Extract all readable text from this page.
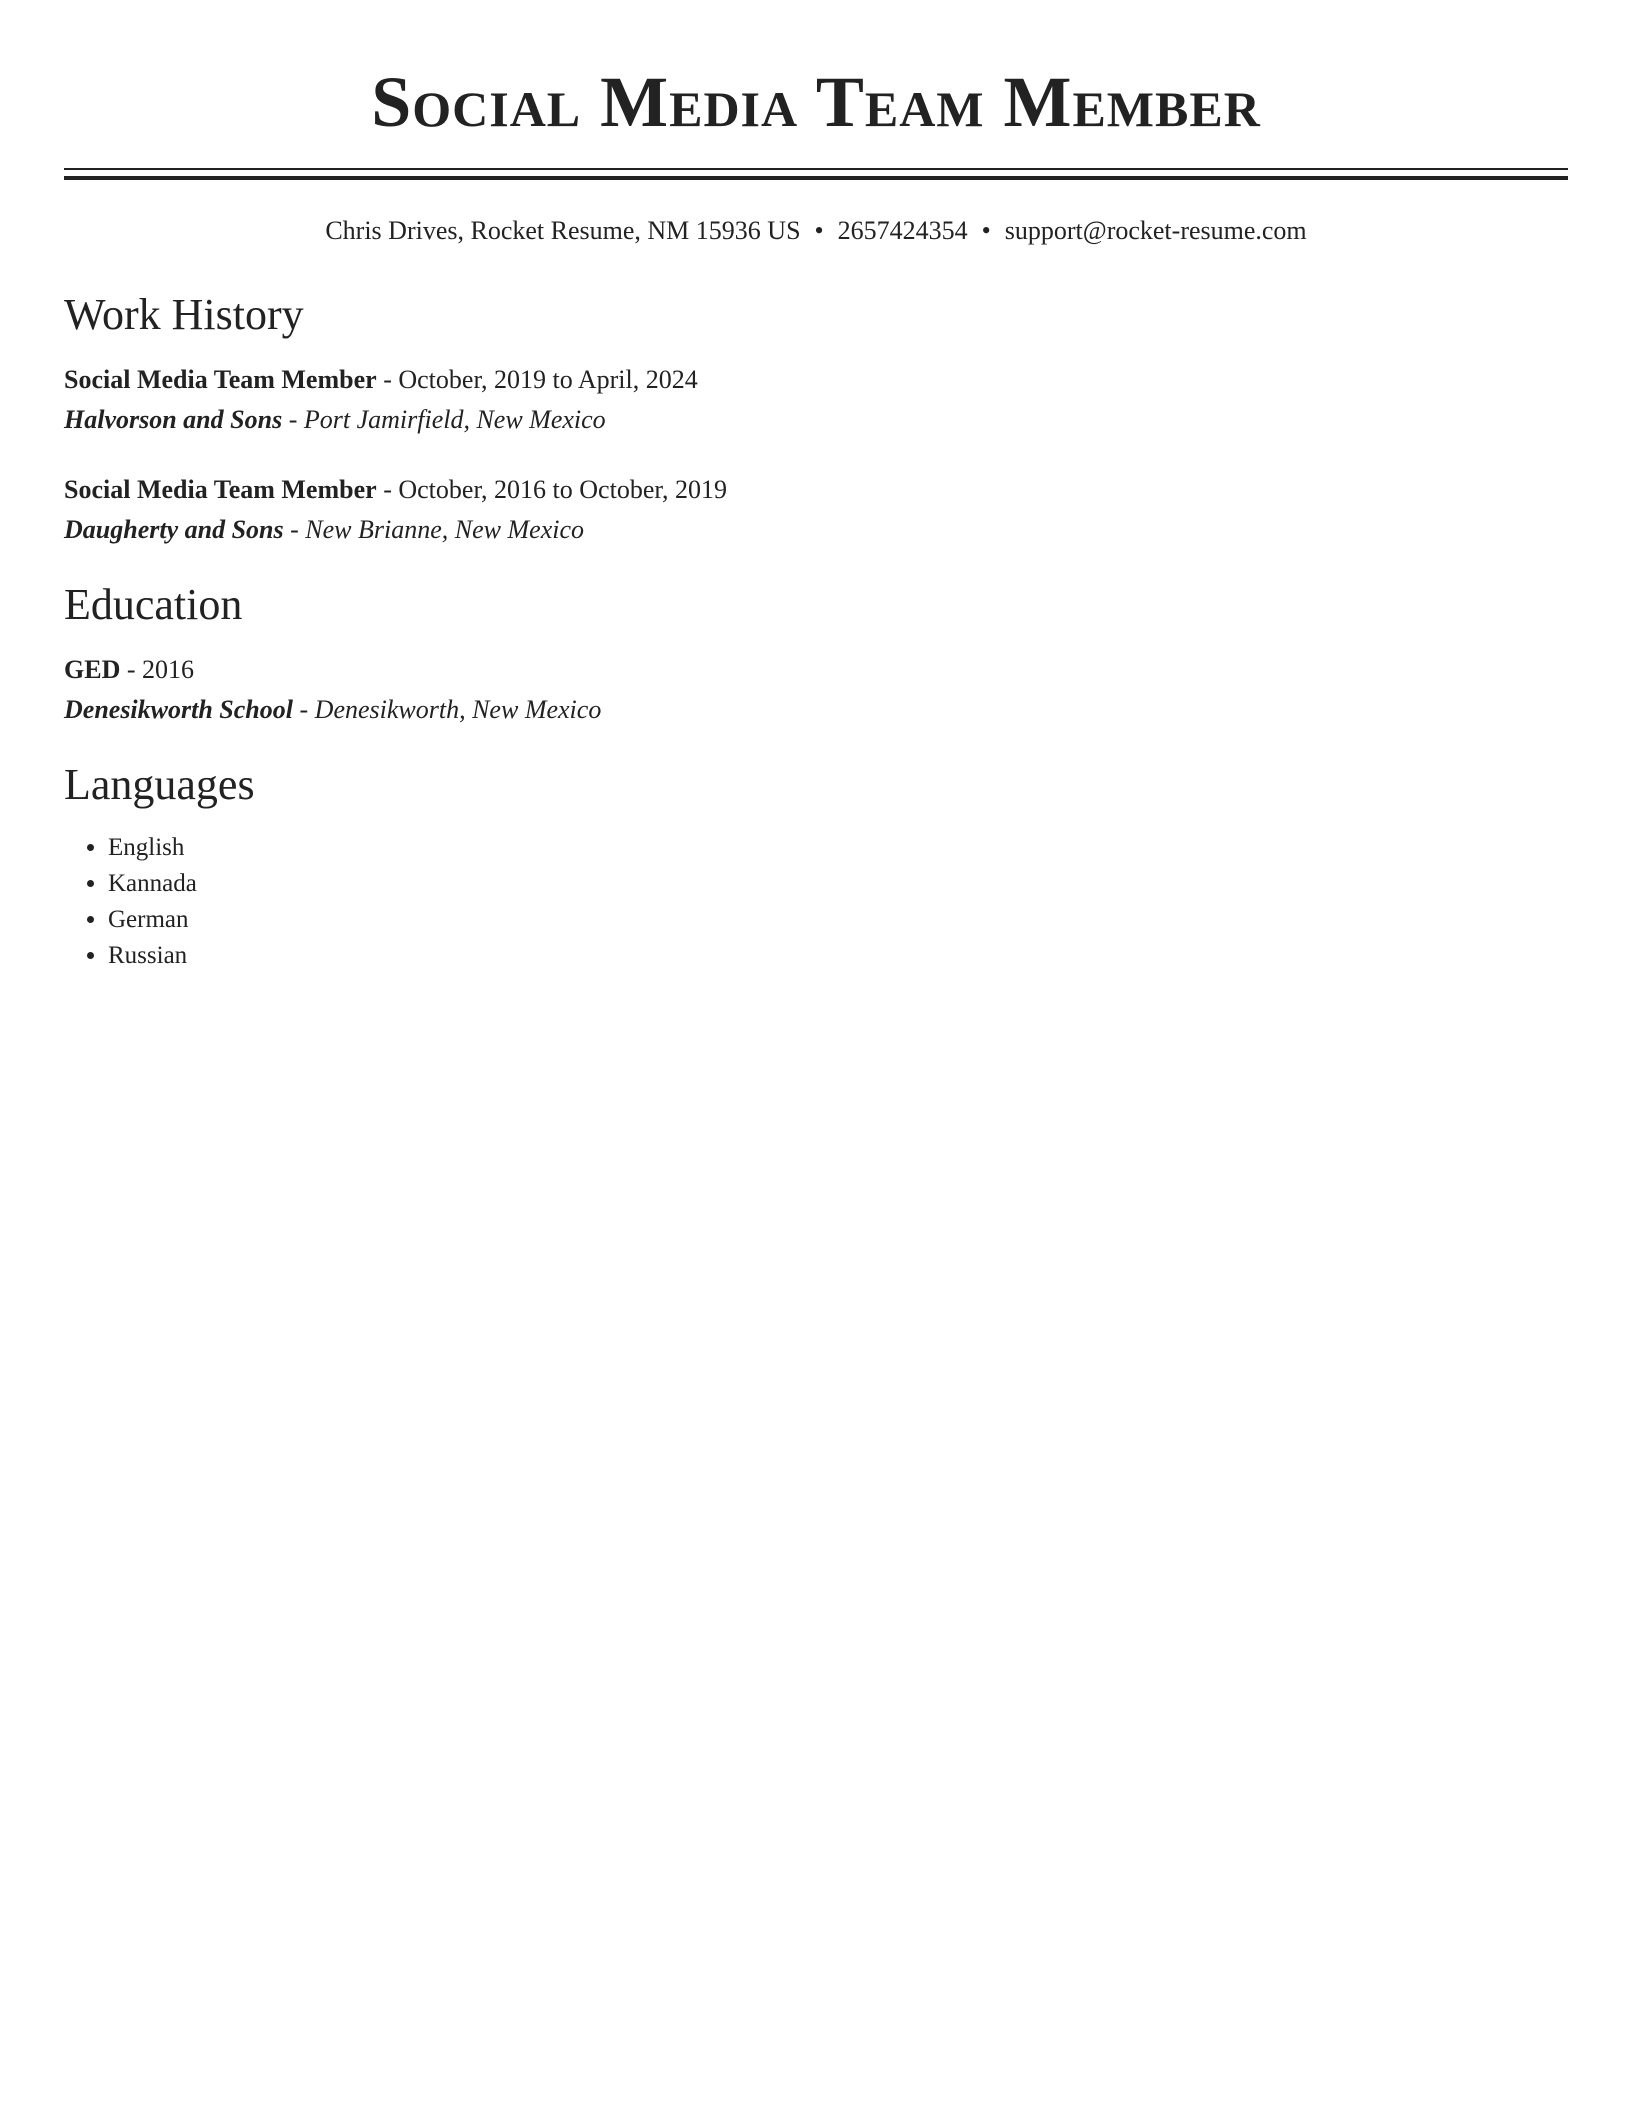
Social Media Team Member
Chris Drives, Rocket Resume, NM 15936 US • 2657424354 • support@rocket-resume.com
Work History
Social Media Team Member - October, 2019 to April, 2024
Halvorson and Sons - Port Jamirfield, New Mexico
Social Media Team Member - October, 2016 to October, 2019
Daugherty and Sons - New Brianne, New Mexico
Education
GED - 2016
Denesikworth School - Denesikworth, New Mexico
Languages
• English
• Kannada
• German
• Russian
